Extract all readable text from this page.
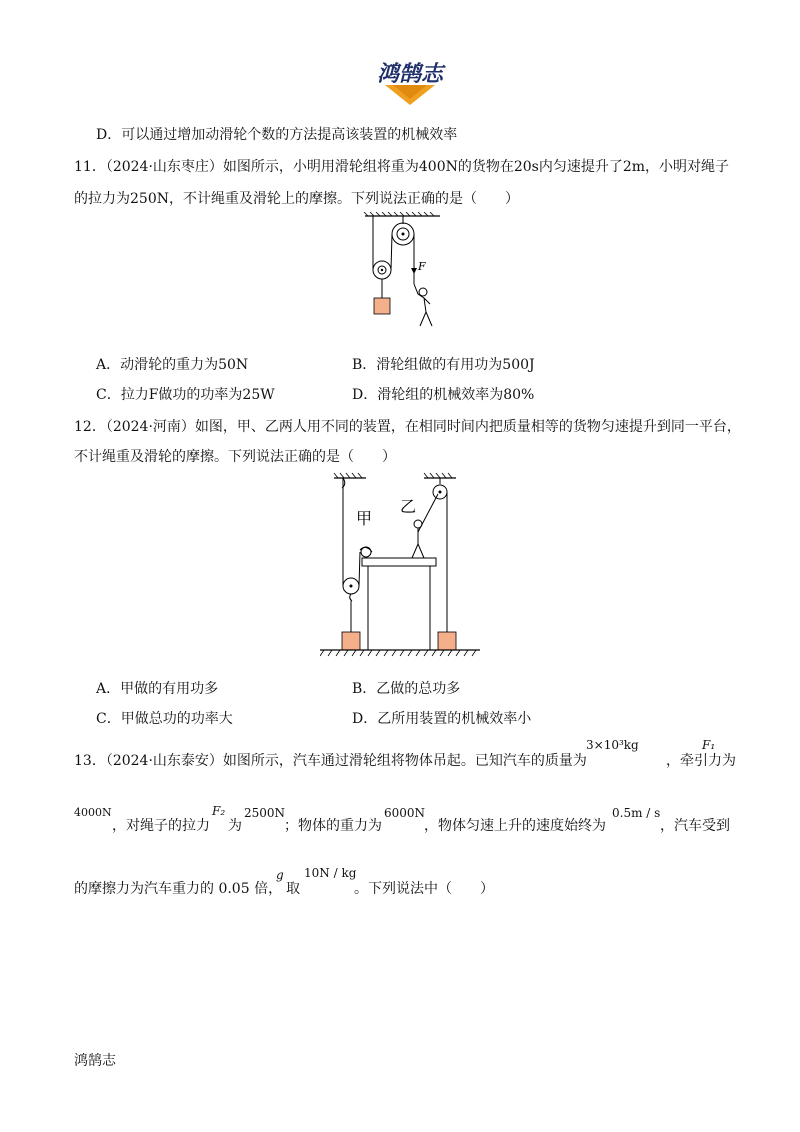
鸿鹄志
D．可以通过增加动滑轮个数的方法提高该装置的机械效率
11．（2024·山东枣庄）如图所示，小明用滑轮组将重为400N的货物在20s内匀速提升了2m，小明对绳子
的拉力为250N，不计绳重及滑轮上的摩擦。下列说法正确的是（　　）
F
A．动滑轮的重力为50N	B．滑轮组做的有用功为500J
C．拉力F做功的功率为25W	D．滑轮组的机械效率为80%
12．（2024·河南）如图，甲、乙两人用不同的装置，在相同时间内把质量相等的货物匀速提升到同一平台，
不计绳重及滑轮的摩擦。下列说法正确的是（　　）
甲
乙
A．甲做的有用功多	B．乙做的总功多
C．甲做总功的功率大	D．乙所用装置的机械效率小
13．（2024·山东泰安）如图所示，汽车通过滑轮组将物体吊起。已知汽车的质量为
3×10³kg
，牵引力
F₁
为
4000N
，对绳子的拉力
F₂
为
2500N
；物体的重力为
6000N
，物体匀速上升的速度始终为
0.5m / s
，汽车受到
的摩擦力为汽车重力的 0.05 倍，
g
取
10N / kg
。下列说法中（　　）
鸿鹄志
